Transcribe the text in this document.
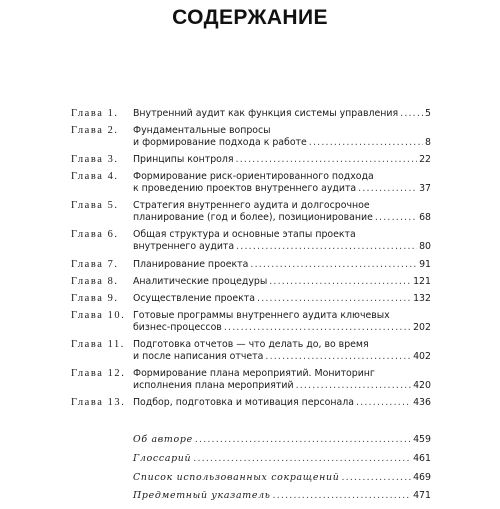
СОДЕРЖАНИЕ
Глава 1.	Внутренний аудит как функция системы управления .....	5
Глава 2.	Фундаментальные вопросы
и формирование подхода к работе .....	8
Глава 3.	Принципы контроля .....	22
Глава 4.	Формирование риск-ориентированного подхода
к проведению проектов внутреннего аудита .....	37
Глава 5.	Стратегия внутреннего аудита и долгосрочное
планирование (год и более), позиционирование .....	68
Глава 6.	Общая структура и основные этапы проекта
внутреннего аудита .....	80
Глава 7.	Планирование проекта .....	91
Глава 8.	Аналитические процедуры .....	121
Глава 9.	Осуществление проекта .....	132
Глава 10. Готовые программы внутреннего аудита ключевых
бизнес-процессов .....	202
Глава 11. Подготовка отчетов — что делать до, во время
и после написания отчета .....	402
Глава 12. Формирование плана мероприятий. Мониторинг
исполнения плана мероприятий .....	420
Глава 13. Подбор, подготовка и мотивация персонала .....	436
Об авторе .....	459
Глоссарий .....	461
Список использованных сокращений .....	469
Предметный указатель .....	471
